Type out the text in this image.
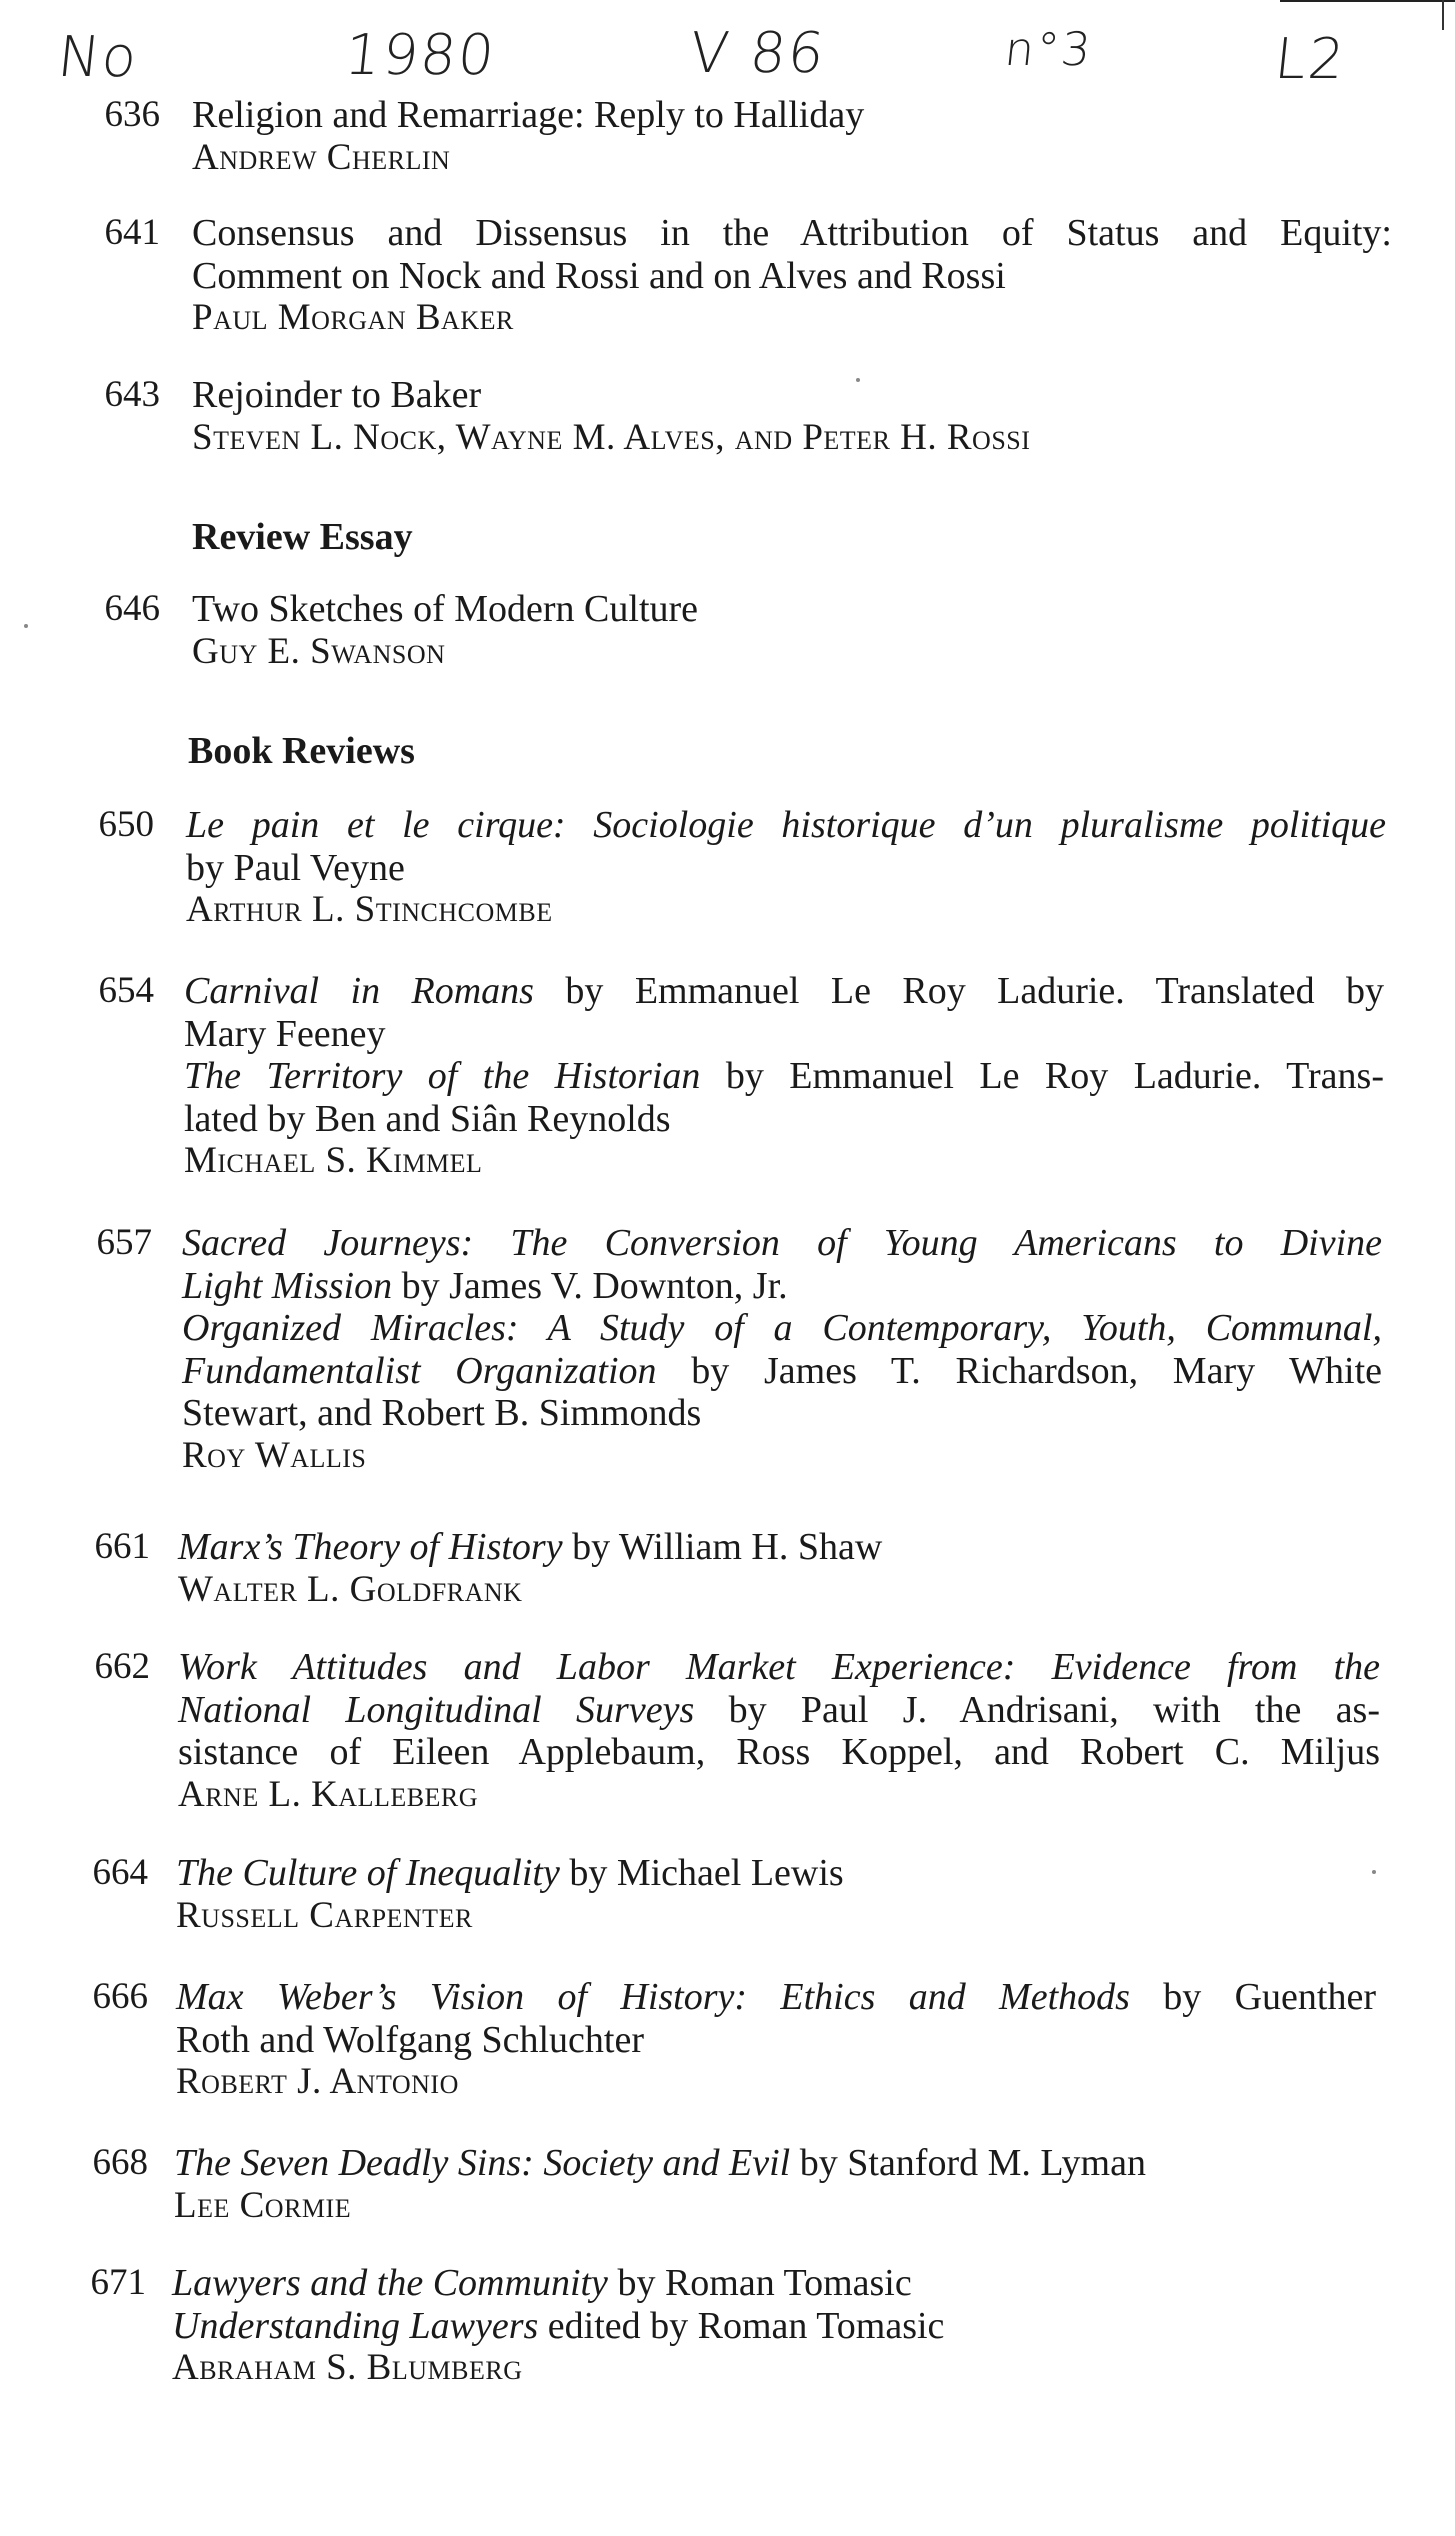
No	1980	V 86	n°3	L2
636 Religion and Remarriage: Reply to Halliday
Andrew Cherlin
641 Consensus and Dissensus in the Attribution of Status and Equity:
Comment on Nock and Rossi and on Alves and Rossi
Paul Morgan Baker
643 Rejoinder to Baker
Steven L. Nock, Wayne M. Alves, and Peter H. Rossi
Review Essay
646 Two Sketches of Modern Culture
Guy E. Swanson
Book Reviews
650 Le pain et le cirque: Sociologie historique d’un pluralisme politique
by Paul Veyne
Arthur L. Stinchcombe
654 Carnival in Romans by Emmanuel Le Roy Ladurie. Translated by
Mary Feeney
The Territory of the Historian by Emmanuel Le Roy Ladurie. Trans-
lated by Ben and Siân Reynolds
Michael S. Kimmel
657 Sacred Journeys: The Conversion of Young Americans to Divine
Light Mission by James V. Downton, Jr.
Organized Miracles: A Study of a Contemporary, Youth, Communal,
Fundamentalist Organization by James T. Richardson, Mary White
Stewart, and Robert B. Simmonds
Roy Wallis
661 Marx’s Theory of History by William H. Shaw
Walter L. Goldfrank
662 Work Attitudes and Labor Market Experience: Evidence from the
National Longitudinal Surveys by Paul J. Andrisani, with the as-
sistance of Eileen Applebaum, Ross Koppel, and Robert C. Miljus
Arne L. Kalleberg
664 The Culture of Inequality by Michael Lewis
Russell Carpenter
666 Max Weber’s Vision of History: Ethics and Methods by Guenther
Roth and Wolfgang Schluchter
Robert J. Antonio
668 The Seven Deadly Sins: Society and Evil by Stanford M. Lyman
Lee Cormie
671 Lawyers and the Community by Roman Tomasic
Understanding Lawyers edited by Roman Tomasic
Abraham S. Blumberg
